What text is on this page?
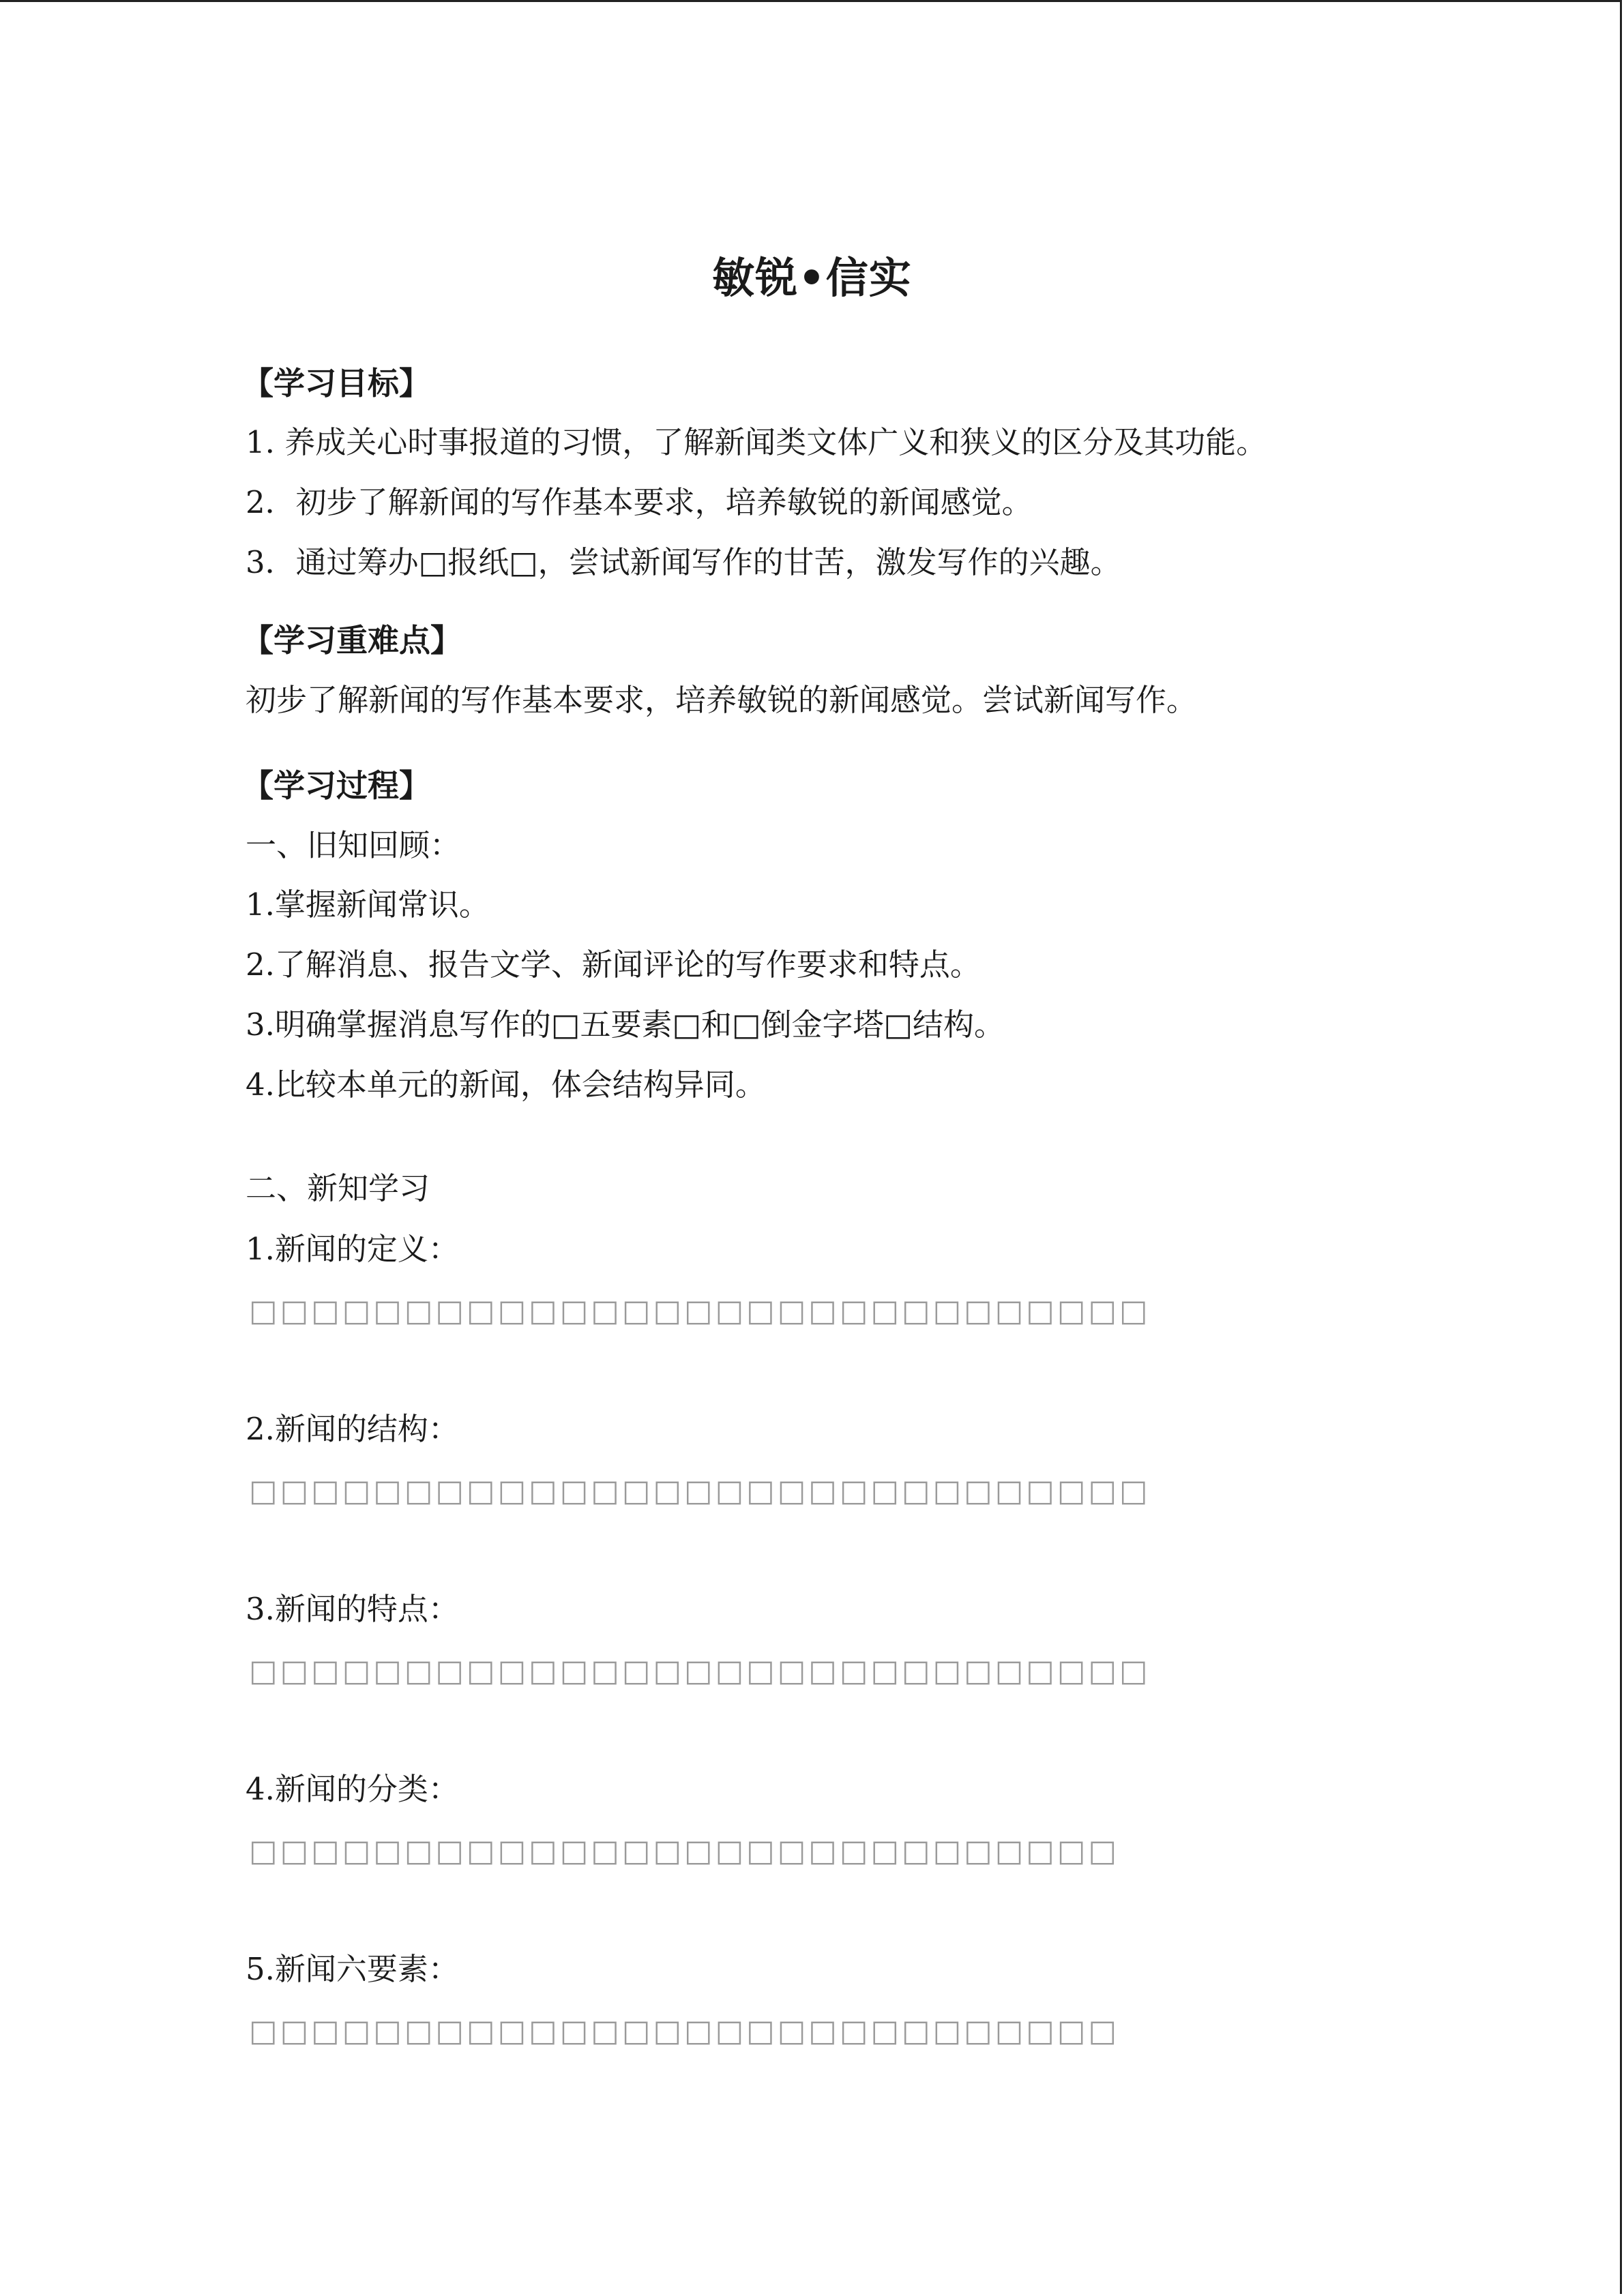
敏锐•信实
【学习目标】
1. 养成关心时事报道的习惯，了解新闻类文体广义和狭义的区分及其功能。
2．初步了解新闻的写作基本要求，培养敏锐的新闻感觉。
3．通过筹办□报纸□，尝试新闻写作的甘苦，激发写作的兴趣。
【学习重难点】
初步了解新闻的写作基本要求，培养敏锐的新闻感觉。尝试新闻写作。
【学习过程】
一、旧知回顾：
1.掌握新闻常识。
2.了解消息、报告文学、新闻评论的写作要求和特点。
3.明确掌握消息写作的□五要素□和□倒金字塔□结构。
4.比较本单元的新闻，体会结构异同。
二、新知学习
1.新闻的定义：
□□□□□□□□□□□□□□□□□□□□□□□□□□□□□
2.新闻的结构：
□□□□□□□□□□□□□□□□□□□□□□□□□□□□□
3.新闻的特点：
□□□□□□□□□□□□□□□□□□□□□□□□□□□□□
4.新闻的分类：
□□□□□□□□□□□□□□□□□□□□□□□□□□□□
5.新闻六要素：
□□□□□□□□□□□□□□□□□□□□□□□□□□□□
